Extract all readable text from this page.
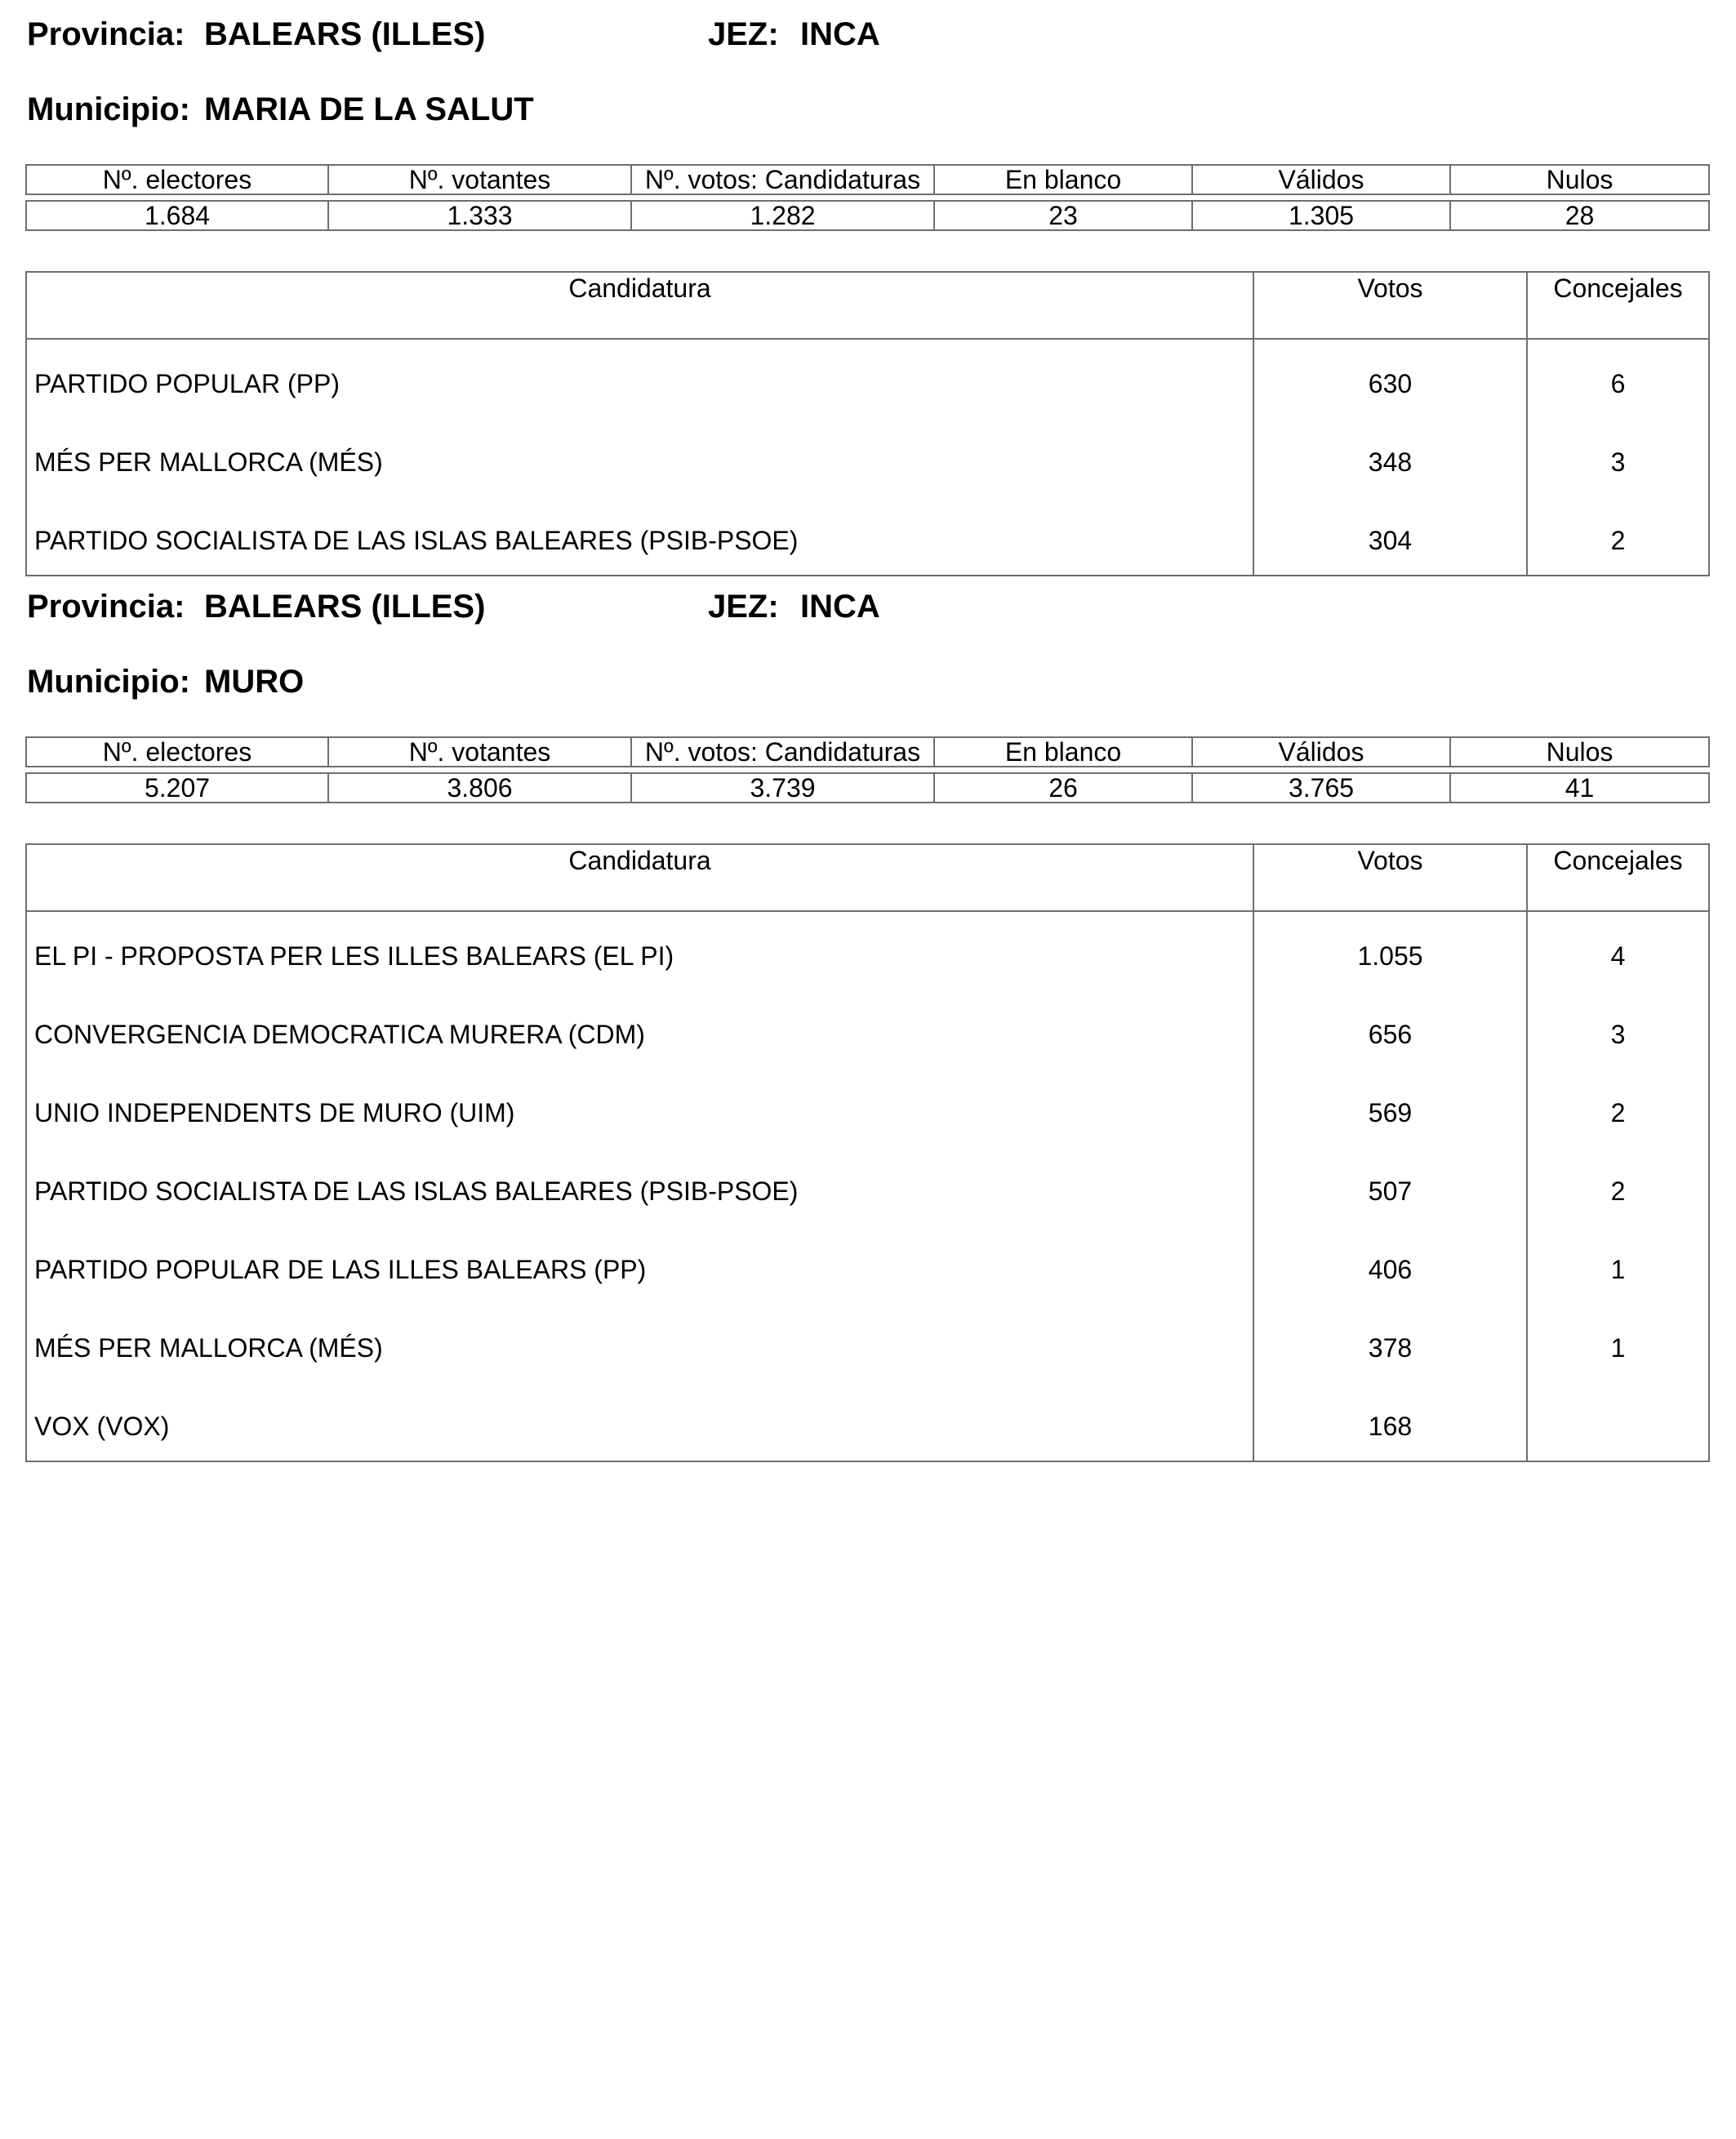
Provincia: BALEARS (ILLES)	JEZ: INCA
Municipio: MARIA DE LA SALUT
Nº. electores	Nº. votantes	Nº. votos: Candidaturas	En blanco	Válidos	Nulos
1.684	1.333	1.282	23	1.305	28
Candidatura	Votos	Concejales
PARTIDO POPULAR (PP)	630	6
MÉS PER MALLORCA (MÉS)	348	3
PARTIDO SOCIALISTA DE LAS ISLAS BALEARES (PSIB-PSOE)	304	2
Provincia: BALEARS (ILLES)	JEZ: INCA
Municipio: MURO
Nº. electores	Nº. votantes	Nº. votos: Candidaturas	En blanco	Válidos	Nulos
5.207	3.806	3.739	26	3.765	41
Candidatura	Votos	Concejales
EL PI - PROPOSTA PER LES ILLES BALEARS (EL PI)	1.055	4
CONVERGENCIA DEMOCRATICA MURERA (CDM)	656	3
UNIO INDEPENDENTS DE MURO (UIM)	569	2
PARTIDO SOCIALISTA DE LAS ISLAS BALEARES (PSIB-PSOE)	507	2
PARTIDO POPULAR DE LAS ILLES BALEARS (PP)	406	1
MÉS PER MALLORCA (MÉS)	378	1
VOX (VOX)	168	
